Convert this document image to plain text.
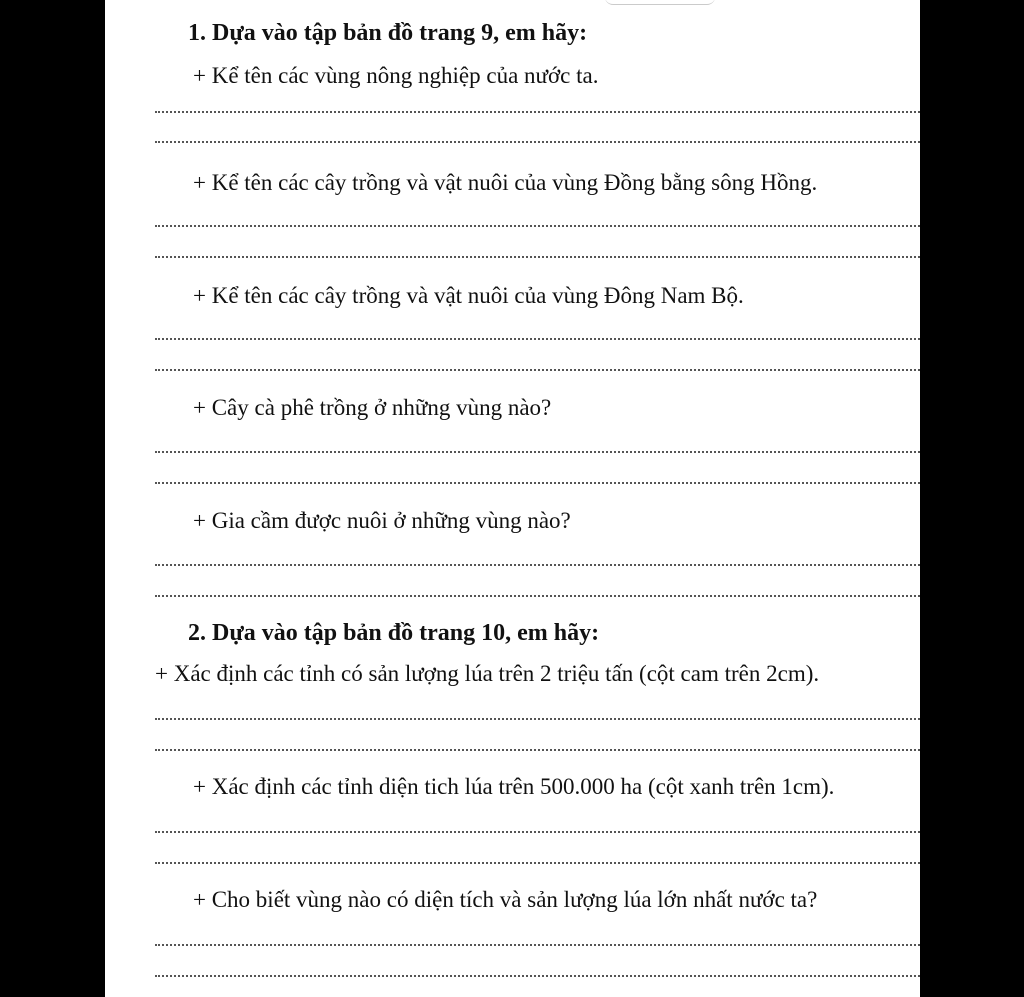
1. Dựa vào tập bản đồ trang 9, em hãy:
+ Kể tên các vùng nông nghiệp của nước ta.
+ Kể tên các cây trồng và vật nuôi của vùng Đồng bằng sông Hồng.
+ Kể tên các cây trồng và vật nuôi của vùng Đông Nam Bộ.
+ Cây cà phê trồng ở những vùng nào?
+ Gia cầm được nuôi ở những vùng nào?
2. Dựa vào tập bản đồ trang 10, em hãy:
+ Xác định các tỉnh có sản lượng lúa trên 2 triệu tấn (cột cam trên 2cm).
+ Xác định các tỉnh diện tich lúa trên 500.000 ha (cột xanh trên 1cm).
+ Cho biết vùng nào có diện tích và sản lượng lúa lớn nhất nước ta?
